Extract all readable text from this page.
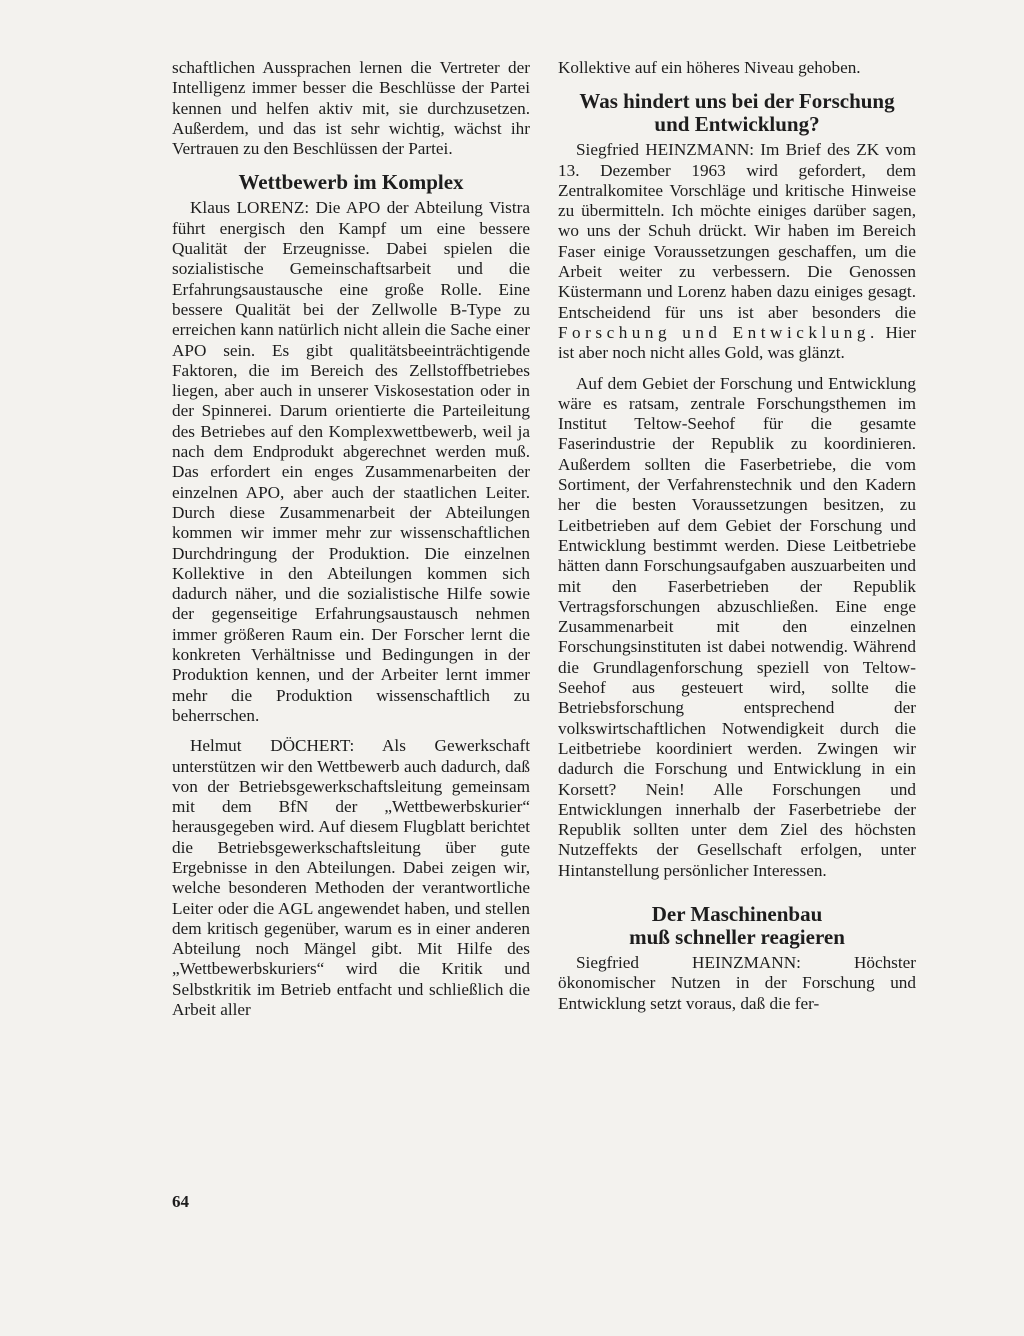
schaftlichen Aussprachen lernen die Vertreter der Intelligenz immer besser die Beschlüsse der Partei kennen und helfen aktiv mit, sie durchzusetzen. Außerdem, und das ist sehr wichtig, wächst ihr Vertrauen zu den Beschlüssen der Partei.

Wettbewerb im Komplex

Klaus LORENZ: Die APO der Abteilung Vistra führt energisch den Kampf um eine bessere Qualität der Erzeugnisse. Dabei spielen die sozialistische Gemeinschaftsarbeit und die Erfahrungsaustausche eine große Rolle. Eine bessere Qualität bei der Zellwolle B-Type zu erreichen kann natürlich nicht allein die Sache einer APO sein. Es gibt qualitätsbeeinträchtigende Faktoren, die im Bereich des Zellstoffbetriebes liegen, aber auch in unserer Viskosestation oder in der Spinnerei. Darum orientierte die Parteileitung des Betriebes auf den Komplexwettbewerb, weil ja nach dem Endprodukt abgerechnet werden muß. Das erfordert ein enges Zusammenarbeiten der einzelnen APO, aber auch der staatlichen Leiter. Durch diese Zusammenarbeit der Abteilungen kommen wir immer mehr zur wissenschaftlichen Durchdringung der Produktion. Die einzelnen Kollektive in den Abteilungen kommen sich dadurch näher, und die sozialistische Hilfe sowie der gegenseitige Erfahrungsaustausch nehmen immer größeren Raum ein. Der Forscher lernt die konkreten Verhältnisse und Bedingungen in der Produktion kennen, und der Arbeiter lernt immer mehr die Produktion wissenschaftlich zu beherrschen.

Helmut DÖCHERT: Als Gewerkschaft unterstützen wir den Wettbewerb auch dadurch, daß von der Betriebsgewerkschaftsleitung gemeinsam mit dem BfN der „Wettbewerbskurier“ herausgegeben wird. Auf diesem Flugblatt berichtet die Betriebsgewerkschaftsleitung über gute Ergebnisse in den Abteilungen. Dabei zeigen wir, welche besonderen Methoden der verantwortliche Leiter oder die AGL angewendet haben, und stellen dem kritisch gegenüber, warum es in einer anderen Abteilung noch Mängel gibt. Mit Hilfe des „Wettbewerbskuriers“ wird die Kritik und Selbstkritik im Betrieb entfacht und schließlich die Arbeit aller

Kollektive auf ein höheres Niveau gehoben.

Was hindert uns bei der Forschung
und Entwicklung?

Siegfried HEINZMANN: Im Brief des ZK vom 13. Dezember 1963 wird gefordert, dem Zentralkomitee Vorschläge und kritische Hinweise zu übermitteln. Ich möchte einiges darüber sagen, wo uns der Schuh drückt. Wir haben im Bereich Faser einige Voraussetzungen geschaffen, um die Arbeit weiter zu verbessern. Die Genossen Küstermann und Lorenz haben dazu einiges gesagt. Entscheidend für uns ist aber besonders die Forschung und Entwicklung. Hier ist aber noch nicht alles Gold, was glänzt.

Auf dem Gebiet der Forschung und Entwicklung wäre es ratsam, zentrale Forschungsthemen im Institut Teltow-Seehof für die gesamte Faserindustrie der Republik zu koordinieren. Außerdem sollten die Faserbetriebe, die vom Sortiment, der Verfahrenstechnik und den Kadern her die besten Voraussetzungen besitzen, zu Leitbetrieben auf dem Gebiet der Forschung und Entwicklung bestimmt werden. Diese Leitbetriebe hätten dann Forschungsaufgaben auszuarbeiten und mit den Faserbetrieben der Republik Vertragsforschungen abzuschließen. Eine enge Zusammenarbeit mit den einzelnen Forschungsinstituten ist dabei notwendig. Während die Grundlagenforschung speziell von Teltow-Seehof aus gesteuert wird, sollte die Betriebsforschung entsprechend der volkswirtschaftlichen Notwendigkeit durch die Leitbetriebe koordiniert werden. Zwingen wir dadurch die Forschung und Entwicklung in ein Korsett? Nein! Alle Forschungen und Entwicklungen innerhalb der Faserbetriebe der Republik sollten unter dem Ziel des höchsten Nutzeffekts der Gesellschaft erfolgen, unter Hintanstellung persönlicher Interessen.

Der Maschinenbau
muß schneller reagieren

Siegfried HEINZMANN: Höchster ökonomischer Nutzen in der Forschung und Entwicklung setzt voraus, daß die fer-

64
